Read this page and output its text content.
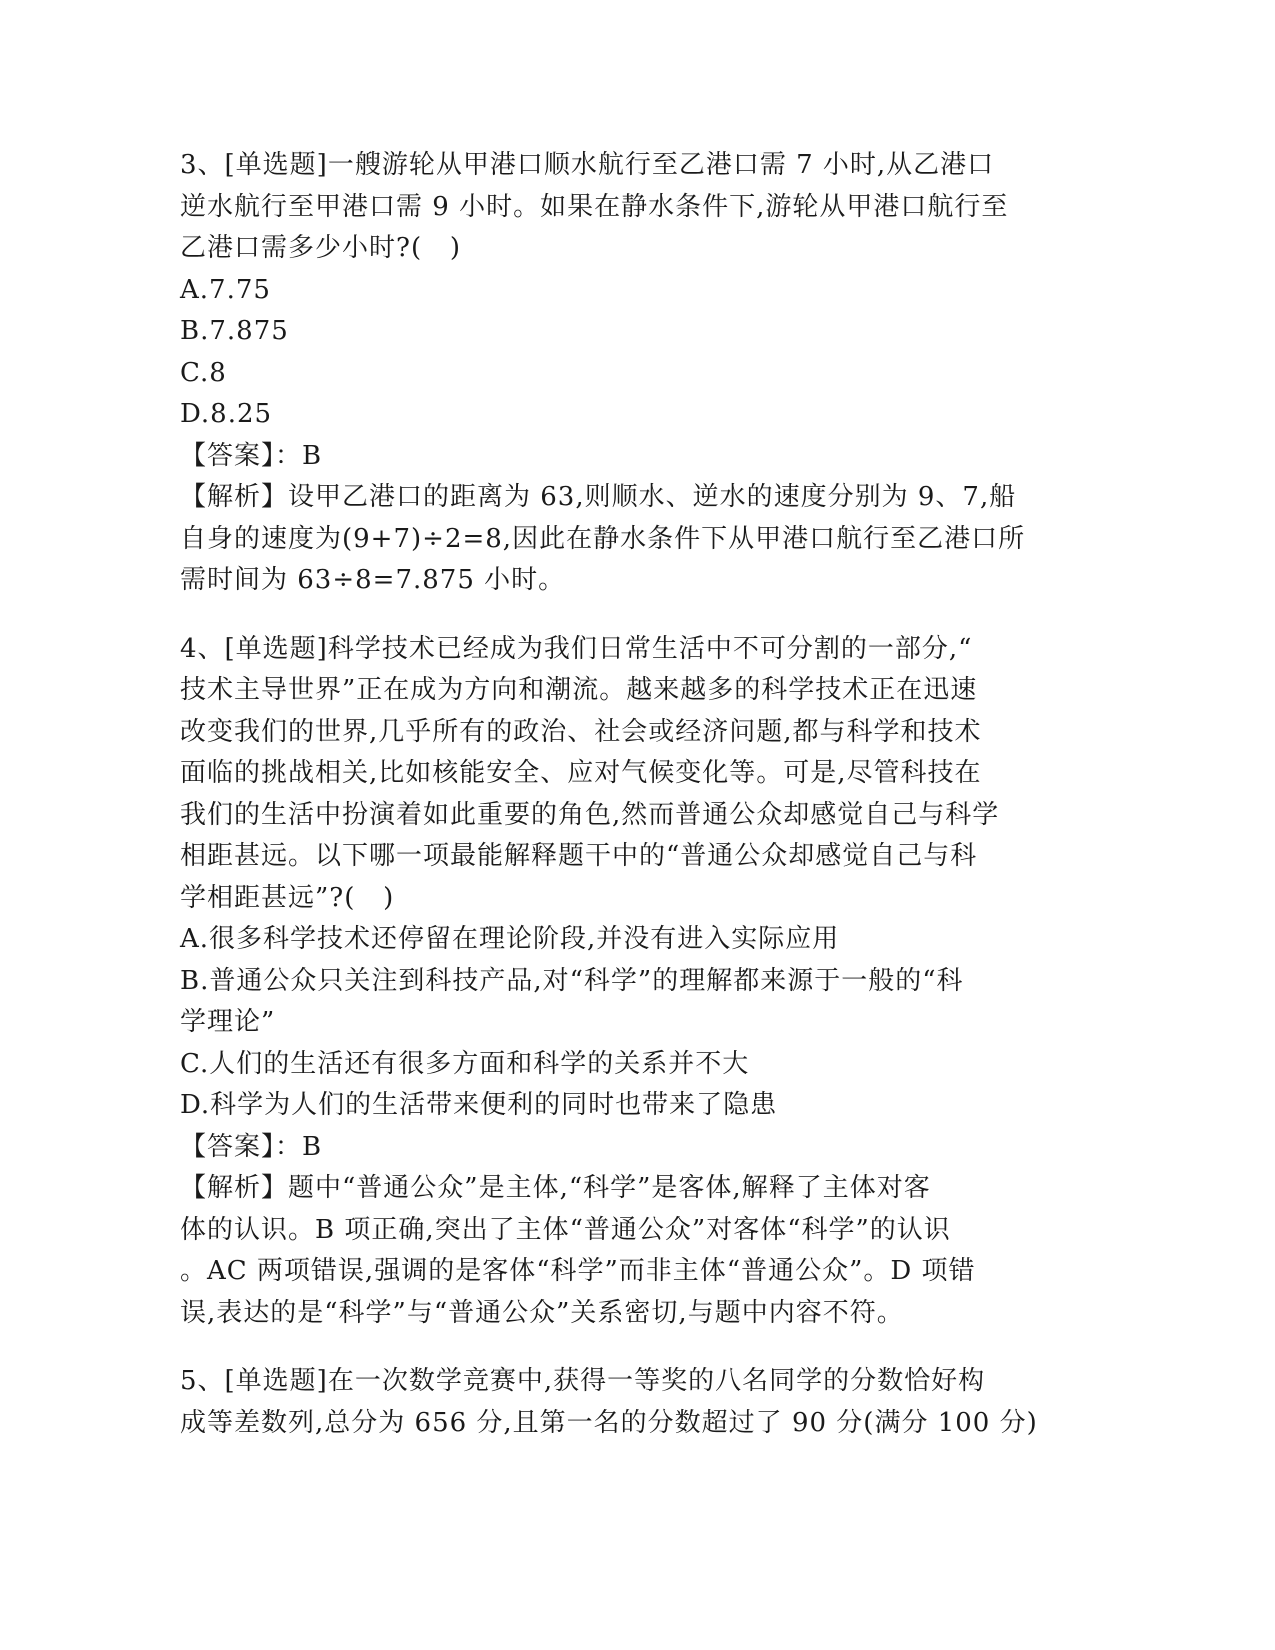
3、[单选题]一艘游轮从甲港口顺水航行至乙港口需 7 小时,从乙港口
逆水航行至甲港口需 9 小时。如果在静水条件下,游轮从甲港口航行至
乙港口需多少小时?(   )
A.7.75
B.7.875
C.8
D.8.25
【答案】：B
【解析】设甲乙港口的距离为 63,则顺水、逆水的速度分别为 9、7,船
自身的速度为(9+7)÷2=8,因此在静水条件下从甲港口航行至乙港口所
需时间为 63÷8=7.875 小时。
4、[单选题]科学技术已经成为我们日常生活中不可分割的一部分,“
技术主导世界”正在成为方向和潮流。越来越多的科学技术正在迅速
改变我们的世界,几乎所有的政治、社会或经济问题,都与科学和技术
面临的挑战相关,比如核能安全、应对气候变化等。可是,尽管科技在
我们的生活中扮演着如此重要的角色,然而普通公众却感觉自己与科学
相距甚远。以下哪一项最能解释题干中的“普通公众却感觉自己与科
学相距甚远”?(   )
A.很多科学技术还停留在理论阶段,并没有进入实际应用
B.普通公众只关注到科技产品,对“科学”的理解都来源于一般的“科
学理论”
C.人们的生活还有很多方面和科学的关系并不大
D.科学为人们的生活带来便利的同时也带来了隐患
【答案】：B
【解析】题中“普通公众”是主体,“科学”是客体,解释了主体对客
体的认识。B 项正确,突出了主体“普通公众”对客体“科学”的认识
。AC 两项错误,强调的是客体“科学”而非主体“普通公众”。D 项错
误,表达的是“科学”与“普通公众”关系密切,与题中内容不符。
5、[单选题]在一次数学竞赛中,获得一等奖的八名同学的分数恰好构
成等差数列,总分为 656 分,且第一名的分数超过了 90 分(满分 100 分)
